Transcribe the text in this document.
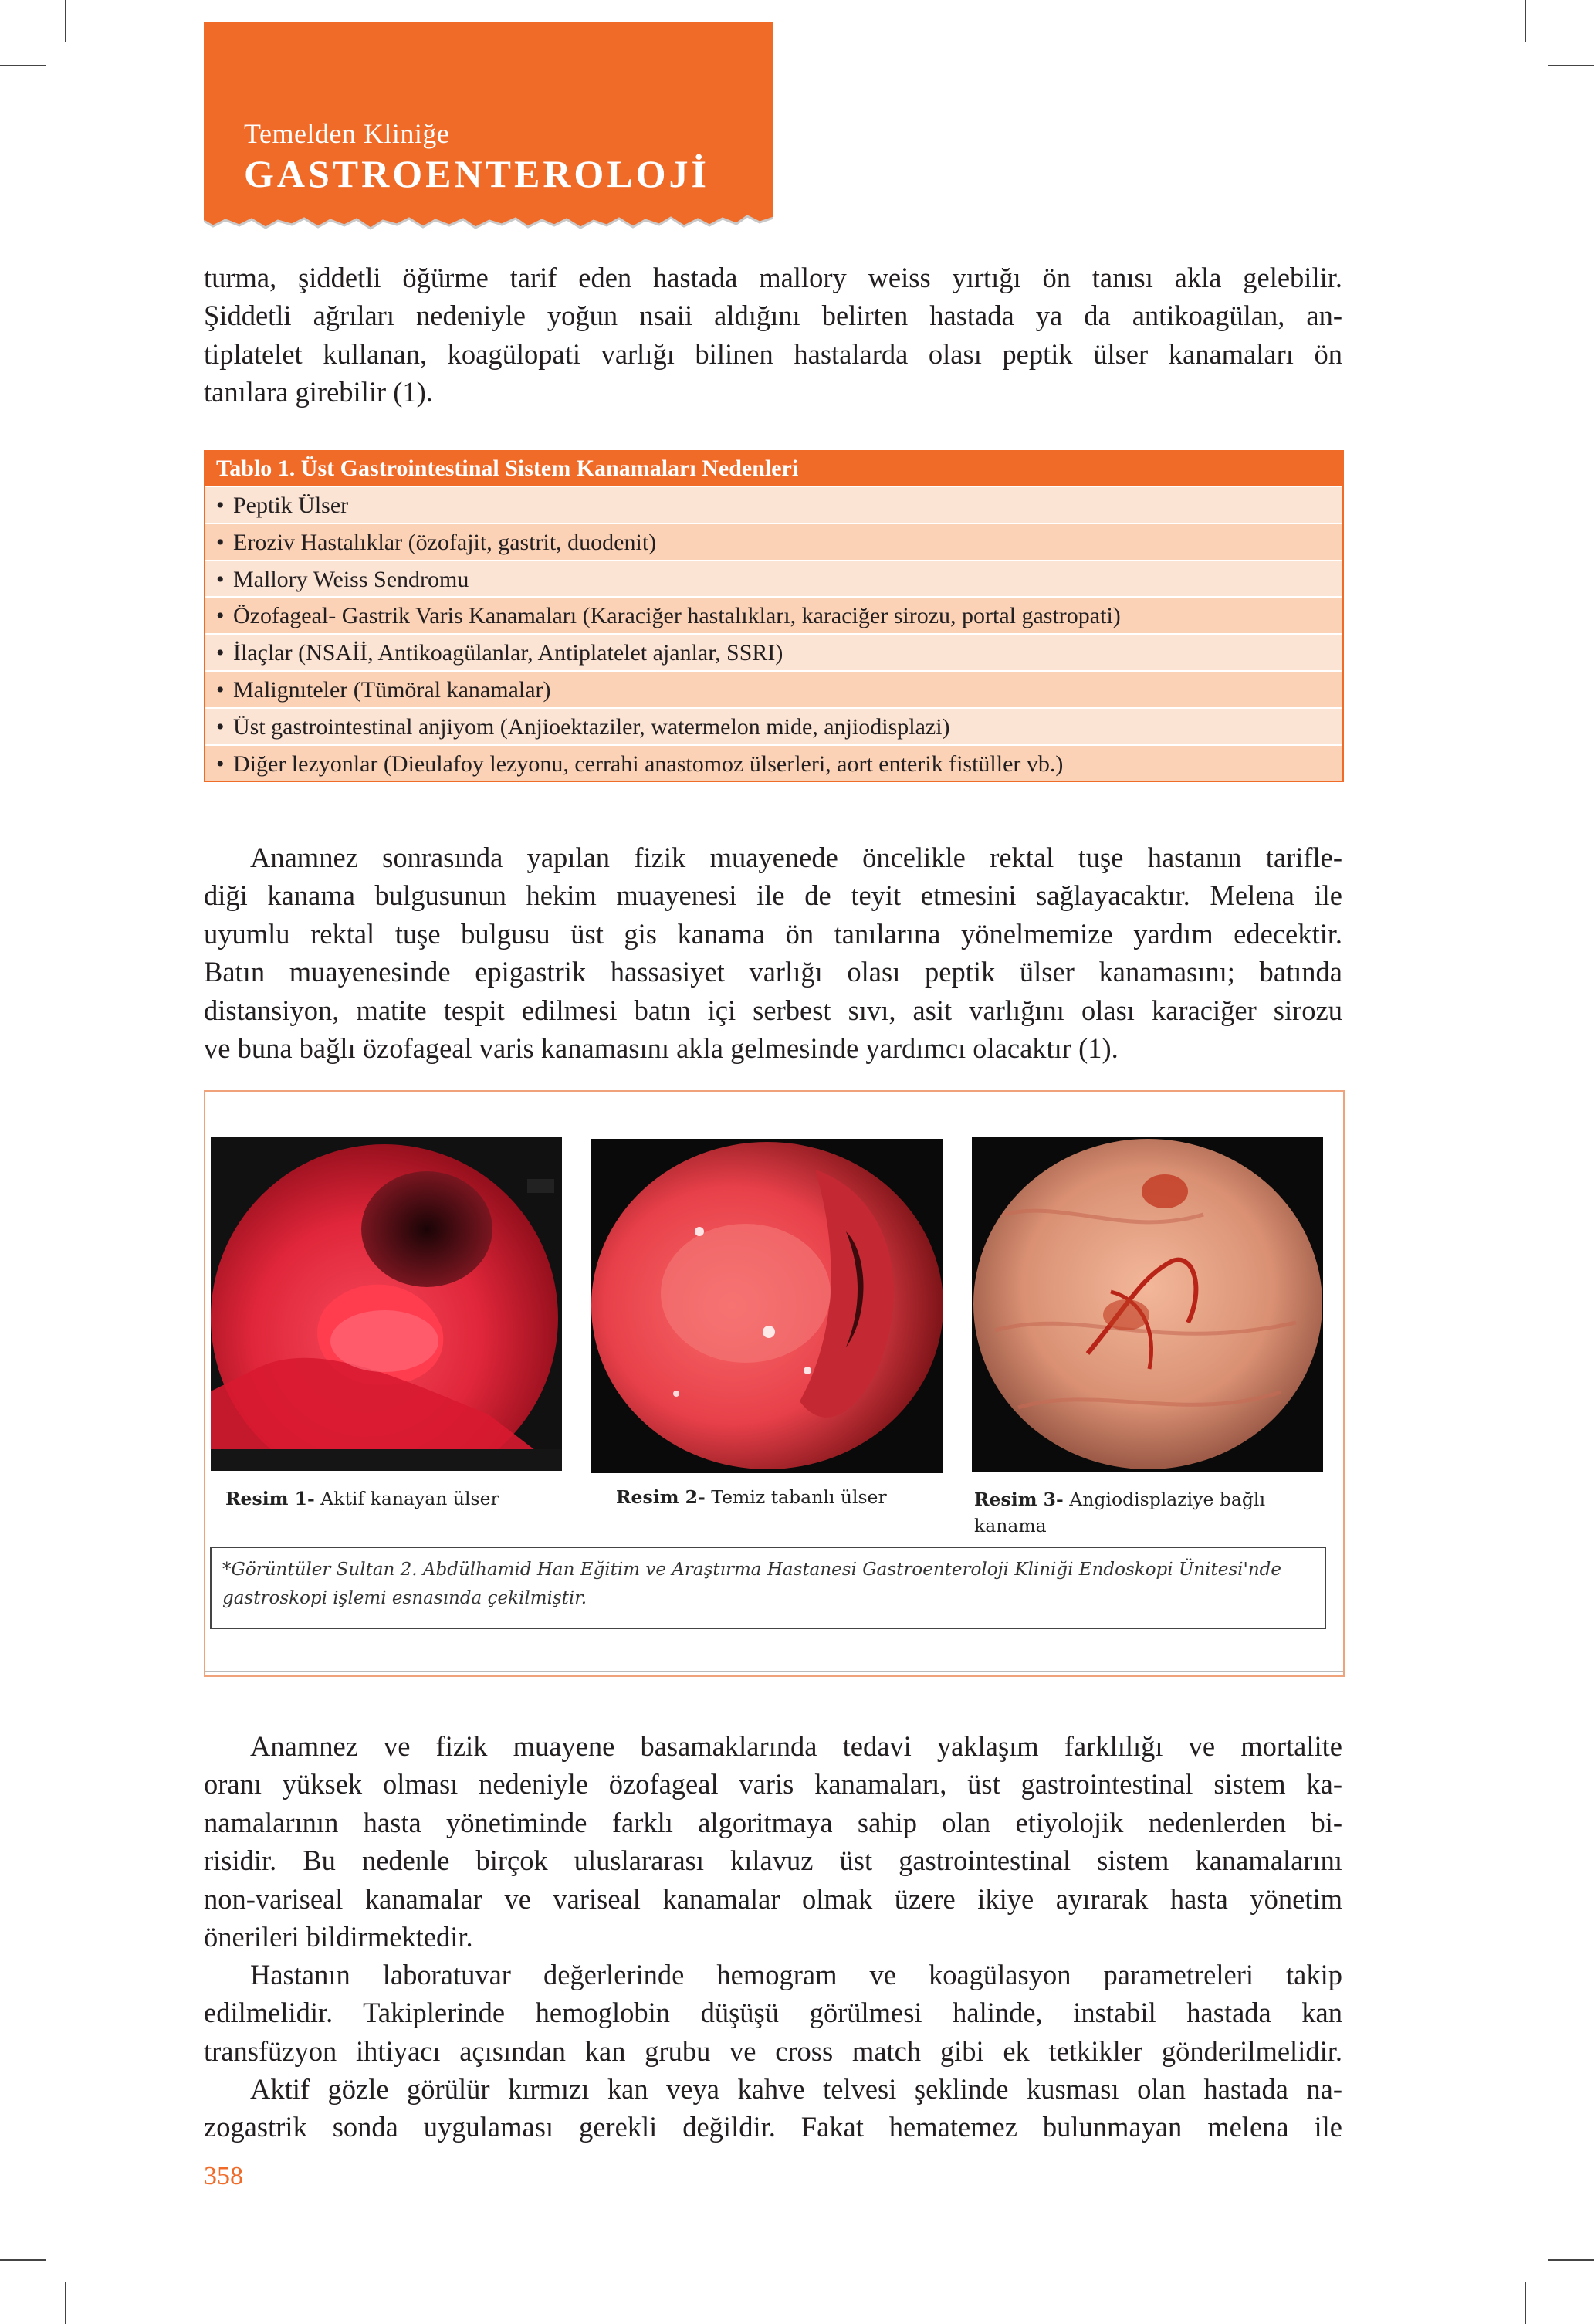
Temelden Kliniğe
GASTROENTEROLOJİ
turma, şiddetli öğürme tarif eden hastada mallory weiss yırtığı ön tanısı akla gelebilir.
Şiddetli ağrıları nedeniyle yoğun nsaii aldığını belirten hastada ya da antikoagülan, an-
tiplatelet kullanan, koagülopati varlığı bilinen hastalarda olası peptik ülser kanamaları ön
tanılara girebilir (1).
Tablo 1. Üst Gastrointestinal Sistem Kanamaları Nedenleri
• Peptik Ülser
• Eroziv Hastalıklar (özofajit, gastrit, duodenit)
• Mallory Weiss Sendromu
• Özofageal- Gastrik Varis Kanamaları (Karaciğer hastalıkları, karaciğer sirozu, portal gastropati)
• İlaçlar (NSAİİ, Antikoagülanlar, Antiplatelet ajanlar, SSRI)
• Malignıteler (Tümöral kanamalar)
• Üst gastrointestinal anjiyom (Anjioektaziler, watermelon mide, anjiodisplazi)
• Diğer lezyonlar (Dieulafoy lezyonu, cerrahi anastomoz ülserleri, aort enterik fistüller vb.)
Anamnez sonrasında yapılan fizik muayenede öncelikle rektal tuşe hastanın tarifle-
diği kanama bulgusunun hekim muayenesi ile de teyit etmesini sağlayacaktır. Melena ile
uyumlu rektal tuşe bulgusu üst gis kanama ön tanılarına yönelmemize yardım edecektir.
Batın muayenesinde epigastrik hassasiyet varlığı olası peptik ülser kanamasını; batında
distansiyon, matite tespit edilmesi batın içi serbest sıvı, asit varlığını olası karaciğer sirozu
ve buna bağlı özofageal varis kanamasını akla gelmesinde yardımcı olacaktır (1).
Resim 1- Aktif kanayan ülser	Resim 2- Temiz tabanlı ülser	Resim 3- Angiodisplaziye bağlı
kanama
*Görüntüler Sultan 2. Abdülhamid Han Eğitim ve Araştırma Hastanesi Gastroenteroloji Kliniği Endoskopi Ünitesi'nde
gastroskopi işlemi esnasında çekilmiştir.
Anamnez ve fizik muayene basamaklarında tedavi yaklaşım farklılığı ve mortalite
oranı yüksek olması nedeniyle özofageal varis kanamaları, üst gastrointestinal sistem ka-
namalarının hasta yönetiminde farklı algoritmaya sahip olan etiyolojik nedenlerden bi-
risidir. Bu nedenle birçok uluslararası kılavuz üst gastrointestinal sistem kanamalarını
non-variseal kanamalar ve variseal kanamalar olmak üzere ikiye ayırarak hasta yönetim
önerileri bildirmektedir.
Hastanın laboratuvar değerlerinde hemogram ve koagülasyon parametreleri takip
edilmelidir. Takiplerinde hemoglobin düşüşü görülmesi halinde, instabil hastada kan
transfüzyon ihtiyacı açısından kan grubu ve cross match gibi ek tetkikler gönderilmelidir.
Aktif gözle görülür kırmızı kan veya kahve telvesi şeklinde kusması olan hastada na-
zogastrik sonda uygulaması gerekli değildir. Fakat hematemez bulunmayan melena ile
358
